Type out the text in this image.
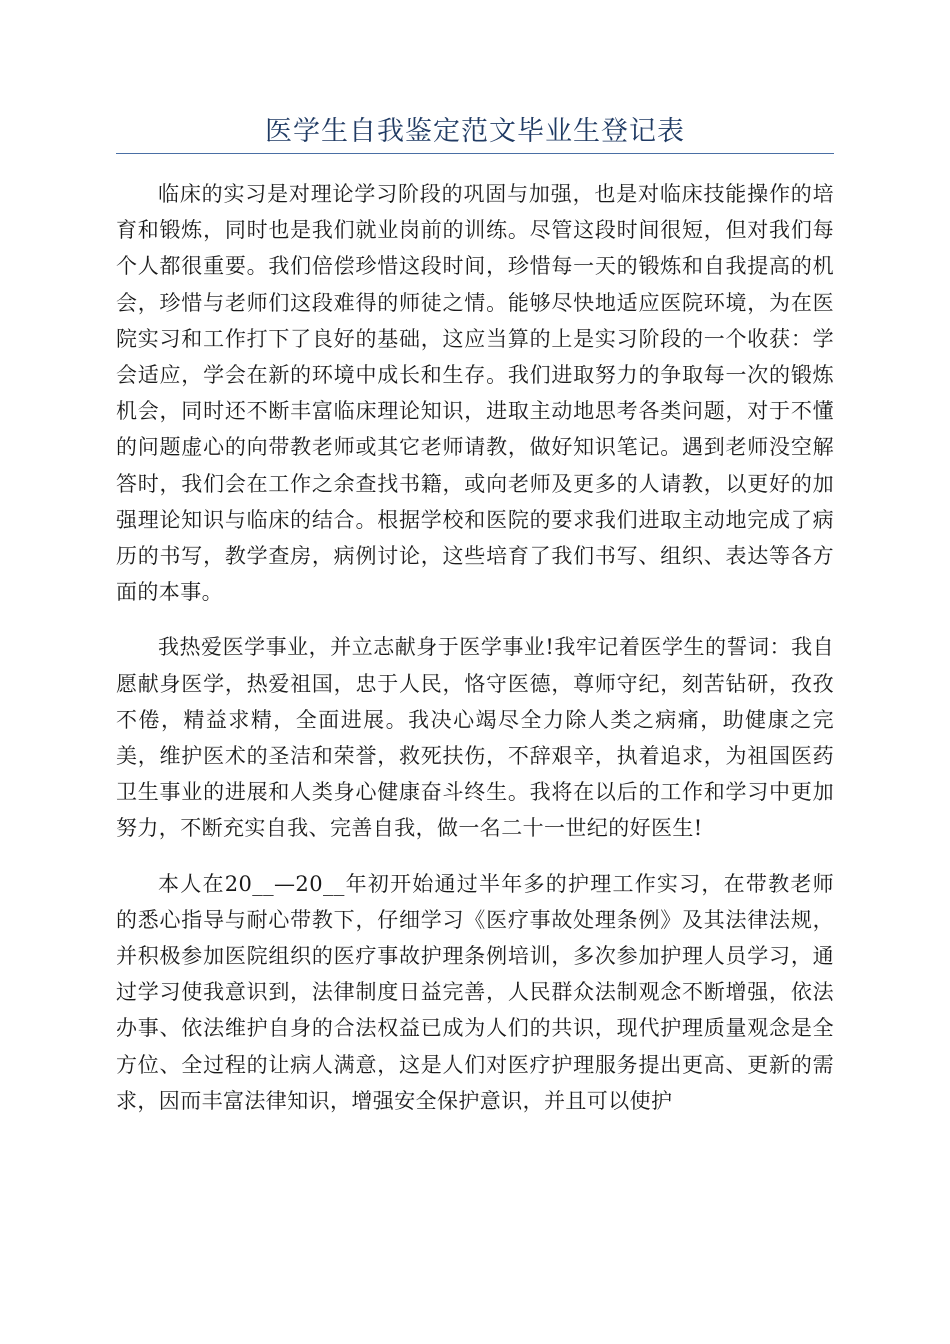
医学生自我鉴定范文毕业生登记表

临床的实习是对理论学习阶段的巩固与加强，也是对临床技能操作的培育和锻炼，同时也是我们就业岗前的训练。尽管这段时间很短，但对我们每个人都很重要。我们倍偿珍惜这段时间，珍惜每一天的锻炼和自我提高的机会，珍惜与老师们这段难得的师徒之情。能够尽快地适应医院环境，为在医院实习和工作打下了良好的基础，这应当算的上是实习阶段的一个收获：学会适应，学会在新的环境中成长和生存。我们进取努力的争取每一次的锻炼机会，同时还不断丰富临床理论知识，进取主动地思考各类问题，对于不懂的问题虚心的向带教老师或其它老师请教，做好知识笔记。遇到老师没空解答时，我们会在工作之余查找书籍，或向老师及更多的人请教，以更好的加强理论知识与临床的结合。根据学校和医院的要求我们进取主动地完成了病历的书写，教学查房，病例讨论，这些培育了我们书写、组织、表达等各方面的本事。

我热爱医学事业，并立志献身于医学事业!我牢记着医学生的誓词：我自愿献身医学，热爱祖国，忠于人民，恪守医德，尊师守纪，刻苦钻研，孜孜不倦，精益求精，全面进展。我决心竭尽全力除人类之病痛，助健康之完美，维护医术的圣洁和荣誉，救死扶伤，不辞艰辛，执着追求，为祖国医药卫生事业的进展和人类身心健康奋斗终生。我将在以后的工作和学习中更加努力，不断充实自我、完善自我，做一名二十一世纪的好医生!

本人在20__—20__年初开始通过半年多的护理工作实习，在带教老师的悉心指导与耐心带教下，仔细学习《医疗事故处理条例》及其法律法规，并积极参加医院组织的医疗事故护理条例培训，多次参加护理人员学习，通过学习使我意识到，法律制度日益完善，人民群众法制观念不断增强，依法办事、依法维护自身的合法权益已成为人们的共识，现代护理质量观念是全方位、全过程的让病人满意，这是人们对医疗护理服务提出更高、更新的需求，因而丰富法律知识，增强安全保护意识，并且可以使护
